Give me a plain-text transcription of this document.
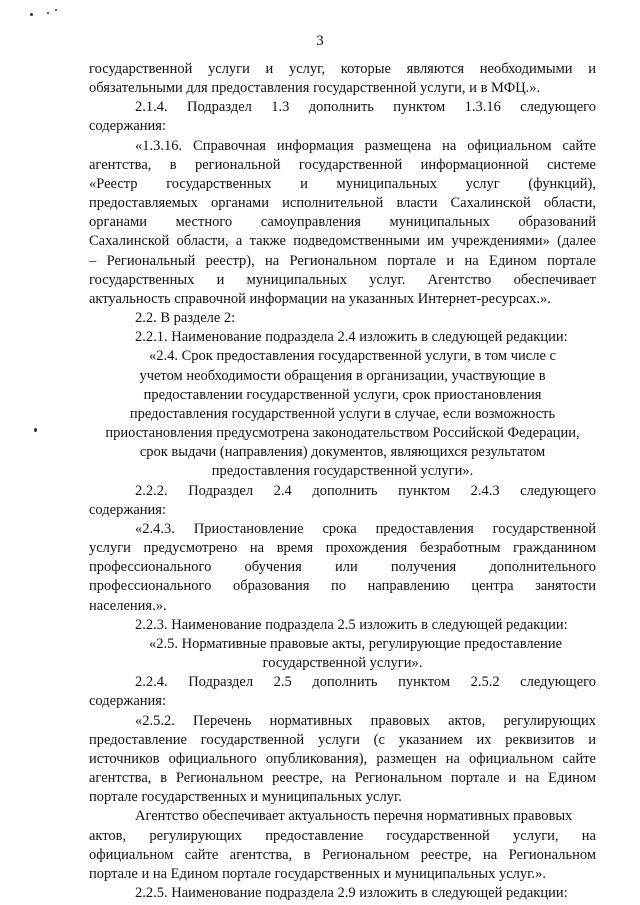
3
государственной услуги и услуг, которые являются необходимыми и
обязательными для предоставления государственной услуги, и в МФЦ.».
2.1.4. Подраздел 1.3 дополнить пунктом 1.3.16 следующего
содержания:
«1.3.16. Справочная информация размещена на официальном сайте
агентства, в региональной государственной информационной системе
«Реестр государственных и муниципальных услуг (функций),
предоставляемых органами исполнительной власти Сахалинской области,
органами местного самоуправления муниципальных образований
Сахалинской области, а также подведомственными им учреждениями» (далее
– Региональный реестр), на Региональном портале и на Едином портале
государственных и муниципальных услуг. Агентство обеспечивает
актуальность справочной информации на указанных Интернет-ресурсах.».
2.2. В разделе 2:
2.2.1. Наименование подраздела 2.4 изложить в следующей редакции:
«2.4. Срок предоставления государственной услуги, в том числе с
учетом необходимости обращения в организации, участвующие в
предоставлении государственной услуги, срок приостановления
предоставления государственной услуги в случае, если возможность
приостановления предусмотрена законодательством Российской Федерации,
срок выдачи (направления) документов, являющихся результатом
предоставления государственной услуги».
2.2.2. Подраздел 2.4 дополнить пунктом 2.4.3 следующего
содержания:
«2.4.3. Приостановление срока предоставления государственной
услуги предусмотрено на время прохождения безработным гражданином
профессионального обучения или получения дополнительного
профессионального образования по направлению центра занятости
населения.».
2.2.3. Наименование подраздела 2.5 изложить в следующей редакции:
«2.5. Нормативные правовые акты, регулирующие предоставление
государственной услуги».
2.2.4. Подраздел 2.5 дополнить пунктом 2.5.2 следующего
содержания:
«2.5.2. Перечень нормативных правовых актов, регулирующих
предоставление государственной услуги (с указанием их реквизитов и
источников официального опубликования), размещен на официальном сайте
агентства, в Региональном реестре, на Региональном портале и на Едином
портале государственных и муниципальных услуг.
Агентство обеспечивает актуальность перечня нормативных правовых
актов, регулирующих предоставление государственной услуги, на
официальном сайте агентства, в Региональном реестре, на Региональном
портале и на Едином портале государственных и муниципальных услуг.».
2.2.5. Наименование подраздела 2.9 изложить в следующей редакции:
